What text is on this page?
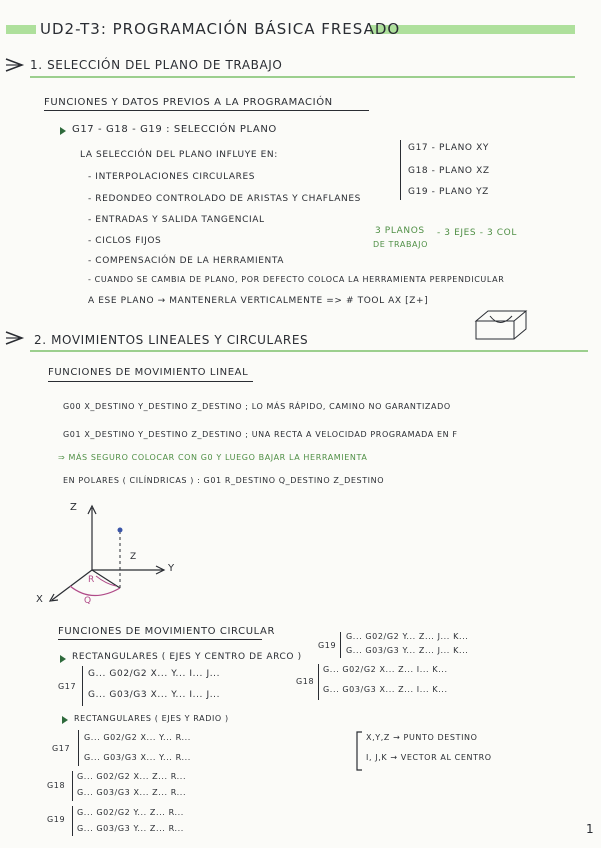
UD2-T3: PROGRAMACIÓN BÁSICA FRESADO
1. SELECCIÓN DEL PLANO DE TRABAJO
FUNCIONES Y DATOS PREVIOS A LA PROGRAMACIÓN
G17 - G18 - G19 : SELECCIÓN PLANO
LA SELECCIÓN DEL PLANO INFLUYE EN:
- INTERPOLACIONES CIRCULARES
- REDONDEO CONTROLADO DE ARISTAS Y CHAFLANES
- ENTRADAS Y SALIDA TANGENCIAL
- CICLOS FIJOS
- COMPENSACIÓN DE LA HERRAMIENTA
- CUANDO SE CAMBIA DE PLANO, POR DEFECTO COLOCA LA HERRAMIENTA PERPENDICULAR
A ESE PLANO → MANTENERLA VERTICALMENTE => # TOOL AX [Z+]
G17 - PLANO XY
G18 - PLANO XZ
G19 - PLANO YZ
3 PLANOS
DE TRABAJO
- 3 EJES - 3 COL
2. MOVIMIENTOS LINEALES Y CIRCULARES
FUNCIONES DE MOVIMIENTO LINEAL
G00 X_DESTINO Y_DESTINO Z_DESTINO ; LO MÁS RÁPIDO, CAMINO NO GARANTIZADO
G01 X_DESTINO Y_DESTINO Z_DESTINO ; UNA RECTA A VELOCIDAD PROGRAMADA EN F
⇒ MÁS SEGURO COLOCAR CON G0 Y LUEGO BAJAR LA HERRAMIENTA
EN POLARES ( CILÍNDRICAS ) : G01 R_DESTINO Q_DESTINO Z_DESTINO
Z
Y
X
R
Q
Z
FUNCIONES DE MOVIMIENTO CIRCULAR
RECTANGULARES ( EJES Y CENTRO DE ARCO )
G17
G... G02/G2 X... Y... I... J...
G... G03/G3 X... Y... I... J...
G19
G... G02/G2 Y... Z... J... K...
G... G03/G3 Y... Z... J... K...
G18
G... G02/G2 X... Z... I... K...
G... G03/G3 X... Z... I... K...
RECTANGULARES ( EJES Y RADIO )
G17
G... G02/G2 X... Y... R...
G... G03/G3 X... Y... R...
G18
G... G02/G2 X... Z... R...
G... G03/G3 X... Z... R...
G19
G... G02/G2 Y... Z... R...
G... G03/G3 Y... Z... R...
X,Y,Z → PUNTO DESTINO
I, J,K → VECTOR AL CENTRO
1
